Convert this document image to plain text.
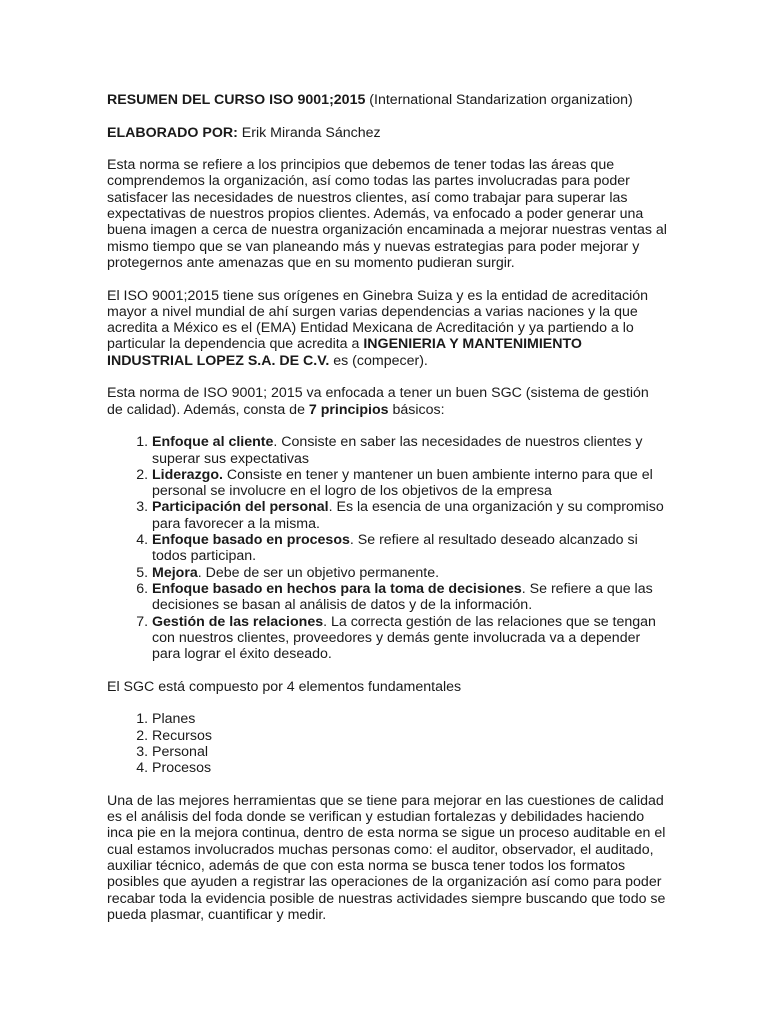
RESUMEN DEL CURSO ISO 9001;2015 (International Standarization organization)

ELABORADO POR: Erik Miranda Sánchez

Esta norma se refiere a los principios que debemos de tener todas las áreas que comprendemos la organización, así como todas las partes involucradas para poder satisfacer las necesidades de nuestros clientes, así como trabajar para superar las expectativas de nuestros propios clientes. Además, va enfocado a poder generar una buena imagen a cerca de nuestra organización encaminada a mejorar nuestras ventas al mismo tiempo que se van planeando más y nuevas estrategias para poder mejorar y protegernos ante amenazas que en su momento pudieran surgir.

El ISO 9001;2015 tiene sus orígenes en Ginebra Suiza y es la entidad de acreditación mayor a nivel mundial de ahí surgen varias dependencias a varias naciones y la que acredita a México es el (EMA) Entidad Mexicana de Acreditación y ya partiendo a lo particular la dependencia que acredita a INGENIERIA Y MANTENIMIENTO INDUSTRIAL LOPEZ S.A. DE C.V. es (compecer).

Esta norma de ISO 9001; 2015 va enfocada a tener un buen SGC (sistema de gestión de calidad). Además, consta de 7 principios básicos:

1. Enfoque al cliente. Consiste en saber las necesidades de nuestros clientes y superar sus expectativas
2. Liderazgo. Consiste en tener y mantener un buen ambiente interno para que el personal se involucre en el logro de los objetivos de la empresa
3. Participación del personal. Es la esencia de una organización y su compromiso para favorecer a la misma.
4. Enfoque basado en procesos. Se refiere al resultado deseado alcanzado si todos participan.
5. Mejora. Debe de ser un objetivo permanente.
6. Enfoque basado en hechos para la toma de decisiones. Se refiere a que las decisiones se basan al análisis de datos y de la información.
7. Gestión de las relaciones. La correcta gestión de las relaciones que se tengan con nuestros clientes, proveedores y demás gente involucrada va a depender para lograr el éxito deseado.

El SGC está compuesto por 4 elementos fundamentales

1. Planes
2. Recursos
3. Personal
4. Procesos

Una de las mejores herramientas que se tiene para mejorar en las cuestiones de calidad es el análisis del foda donde se verifican y estudian fortalezas y debilidades haciendo inca pie en la mejora continua, dentro de esta norma se sigue un proceso auditable en el cual estamos involucrados muchas personas como: el auditor, observador, el auditado, auxiliar técnico, además de que con esta norma se busca tener todos los formatos posibles que ayuden a registrar las operaciones de la organización así como para poder recabar toda la evidencia posible de nuestras actividades siempre buscando que todo se pueda plasmar, cuantificar y medir.
